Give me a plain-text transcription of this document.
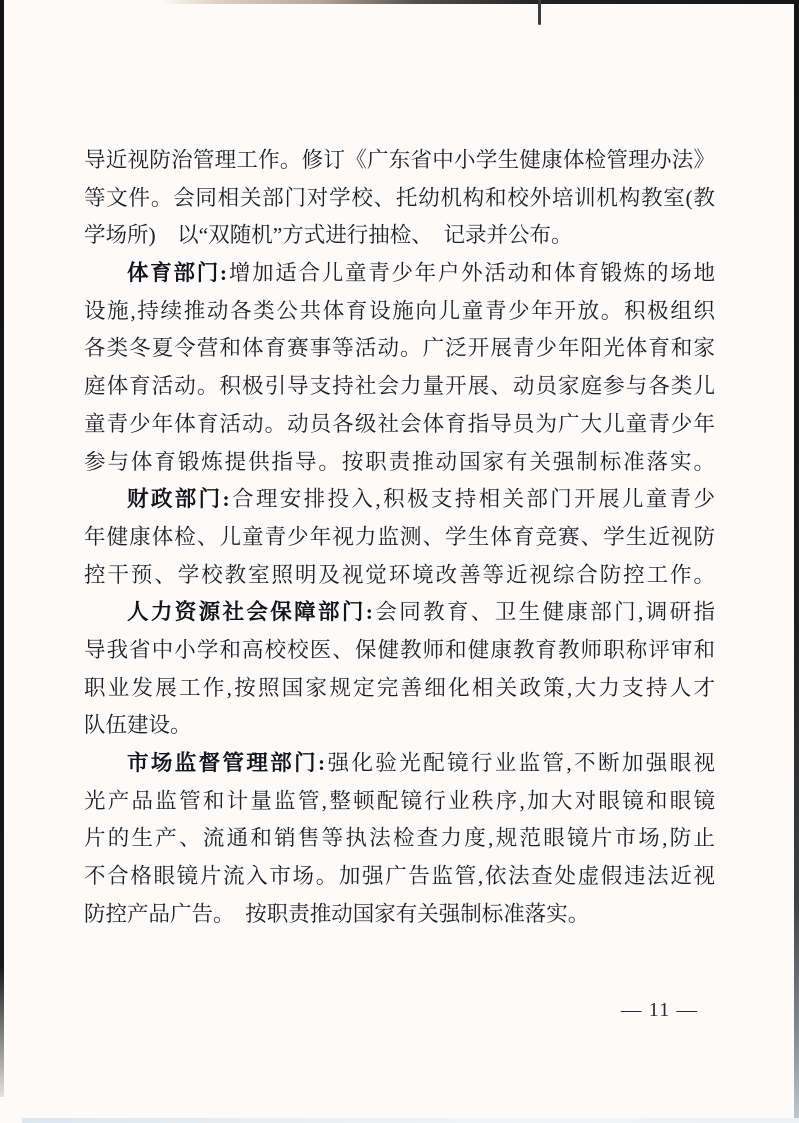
导近视防治管理工作。修订《广东省中小学生健康体检管理办法》
等文件。会同相关部门对学校、托幼机构和校外培训机构教室(教
学场所)　以“双随机”方式进行抽检、　记录并公布。
体育部门:增加适合儿童青少年户外活动和体育锻炼的场地
设施,持续推动各类公共体育设施向儿童青少年开放。积极组织
各类冬夏令营和体育赛事等活动。广泛开展青少年阳光体育和家
庭体育活动。积极引导支持社会力量开展、动员家庭参与各类儿
童青少年体育活动。动员各级社会体育指导员为广大儿童青少年
参与体育锻炼提供指导。按职责推动国家有关强制标准落实。
财政部门:合理安排投入,积极支持相关部门开展儿童青少
年健康体检、儿童青少年视力监测、学生体育竞赛、学生近视防
控干预、学校教室照明及视觉环境改善等近视综合防控工作。
人力资源社会保障部门:会同教育、卫生健康部门,调研指
导我省中小学和高校校医、保健教师和健康教育教师职称评审和
职业发展工作,按照国家规定完善细化相关政策,大力支持人才
队伍建设。
市场监督管理部门:强化验光配镜行业监管,不断加强眼视
光产品监管和计量监管,整顿配镜行业秩序,加大对眼镜和眼镜
片的生产、流通和销售等执法检查力度,规范眼镜片市场,防止
不合格眼镜片流入市场。加强广告监管,依法查处虚假违法近视
防控产品广告。　按职责推动国家有关强制标准落实。
— 11 —
